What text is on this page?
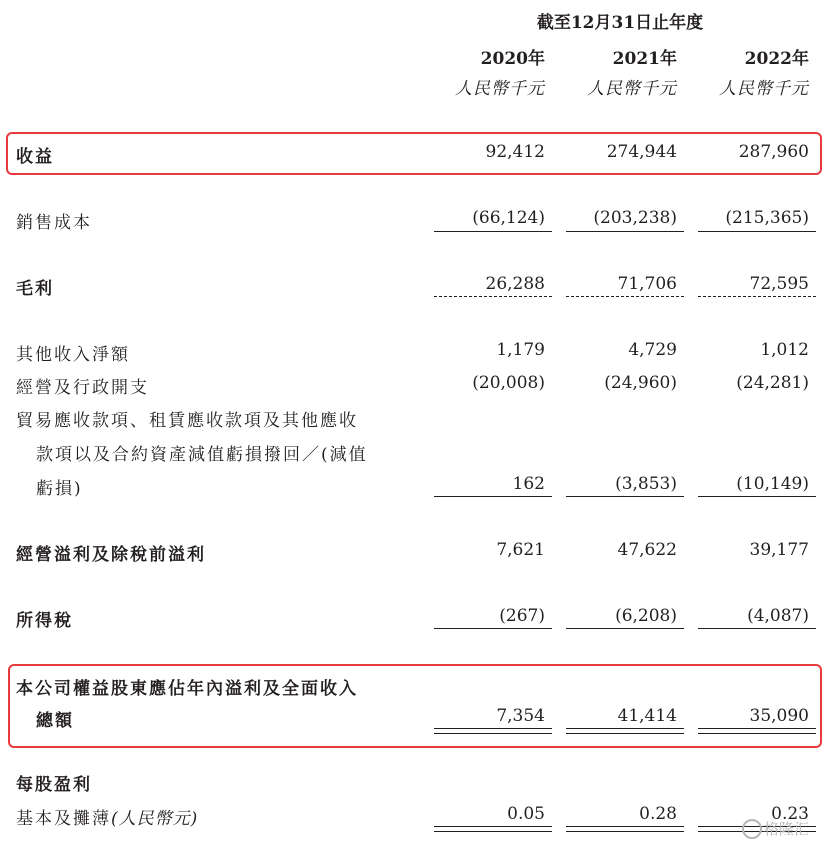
截至12月31日止年度
2020年	2021年	2022年
人民幣千元 人民幣千元 人民幣千元
收益	92,412	274,944	287,960
銷售成本	(66,124)	(203,238)	(215,365)
毛利	26,288	71,706	72,595
其他收入淨額	1,179	4,729	1,012
經營及行政開支	(20,008)	(24,960)	(24,281)
貿易應收款項、租賃應收款項及其他應收
款項以及合約資產減值虧損撥回／(減值
虧損)	162	(3,853)	(10,149)
經營溢利及除稅前溢利	7,621	47,622	39,177
所得稅	(267)	(6,208)	(4,087)
本公司權益股東應佔年內溢利及全面收入
總額	7,354	41,414	35,090
每股盈利
基本及攤薄(人民幣元)	0.05	0.28	0.23
格隆汇
